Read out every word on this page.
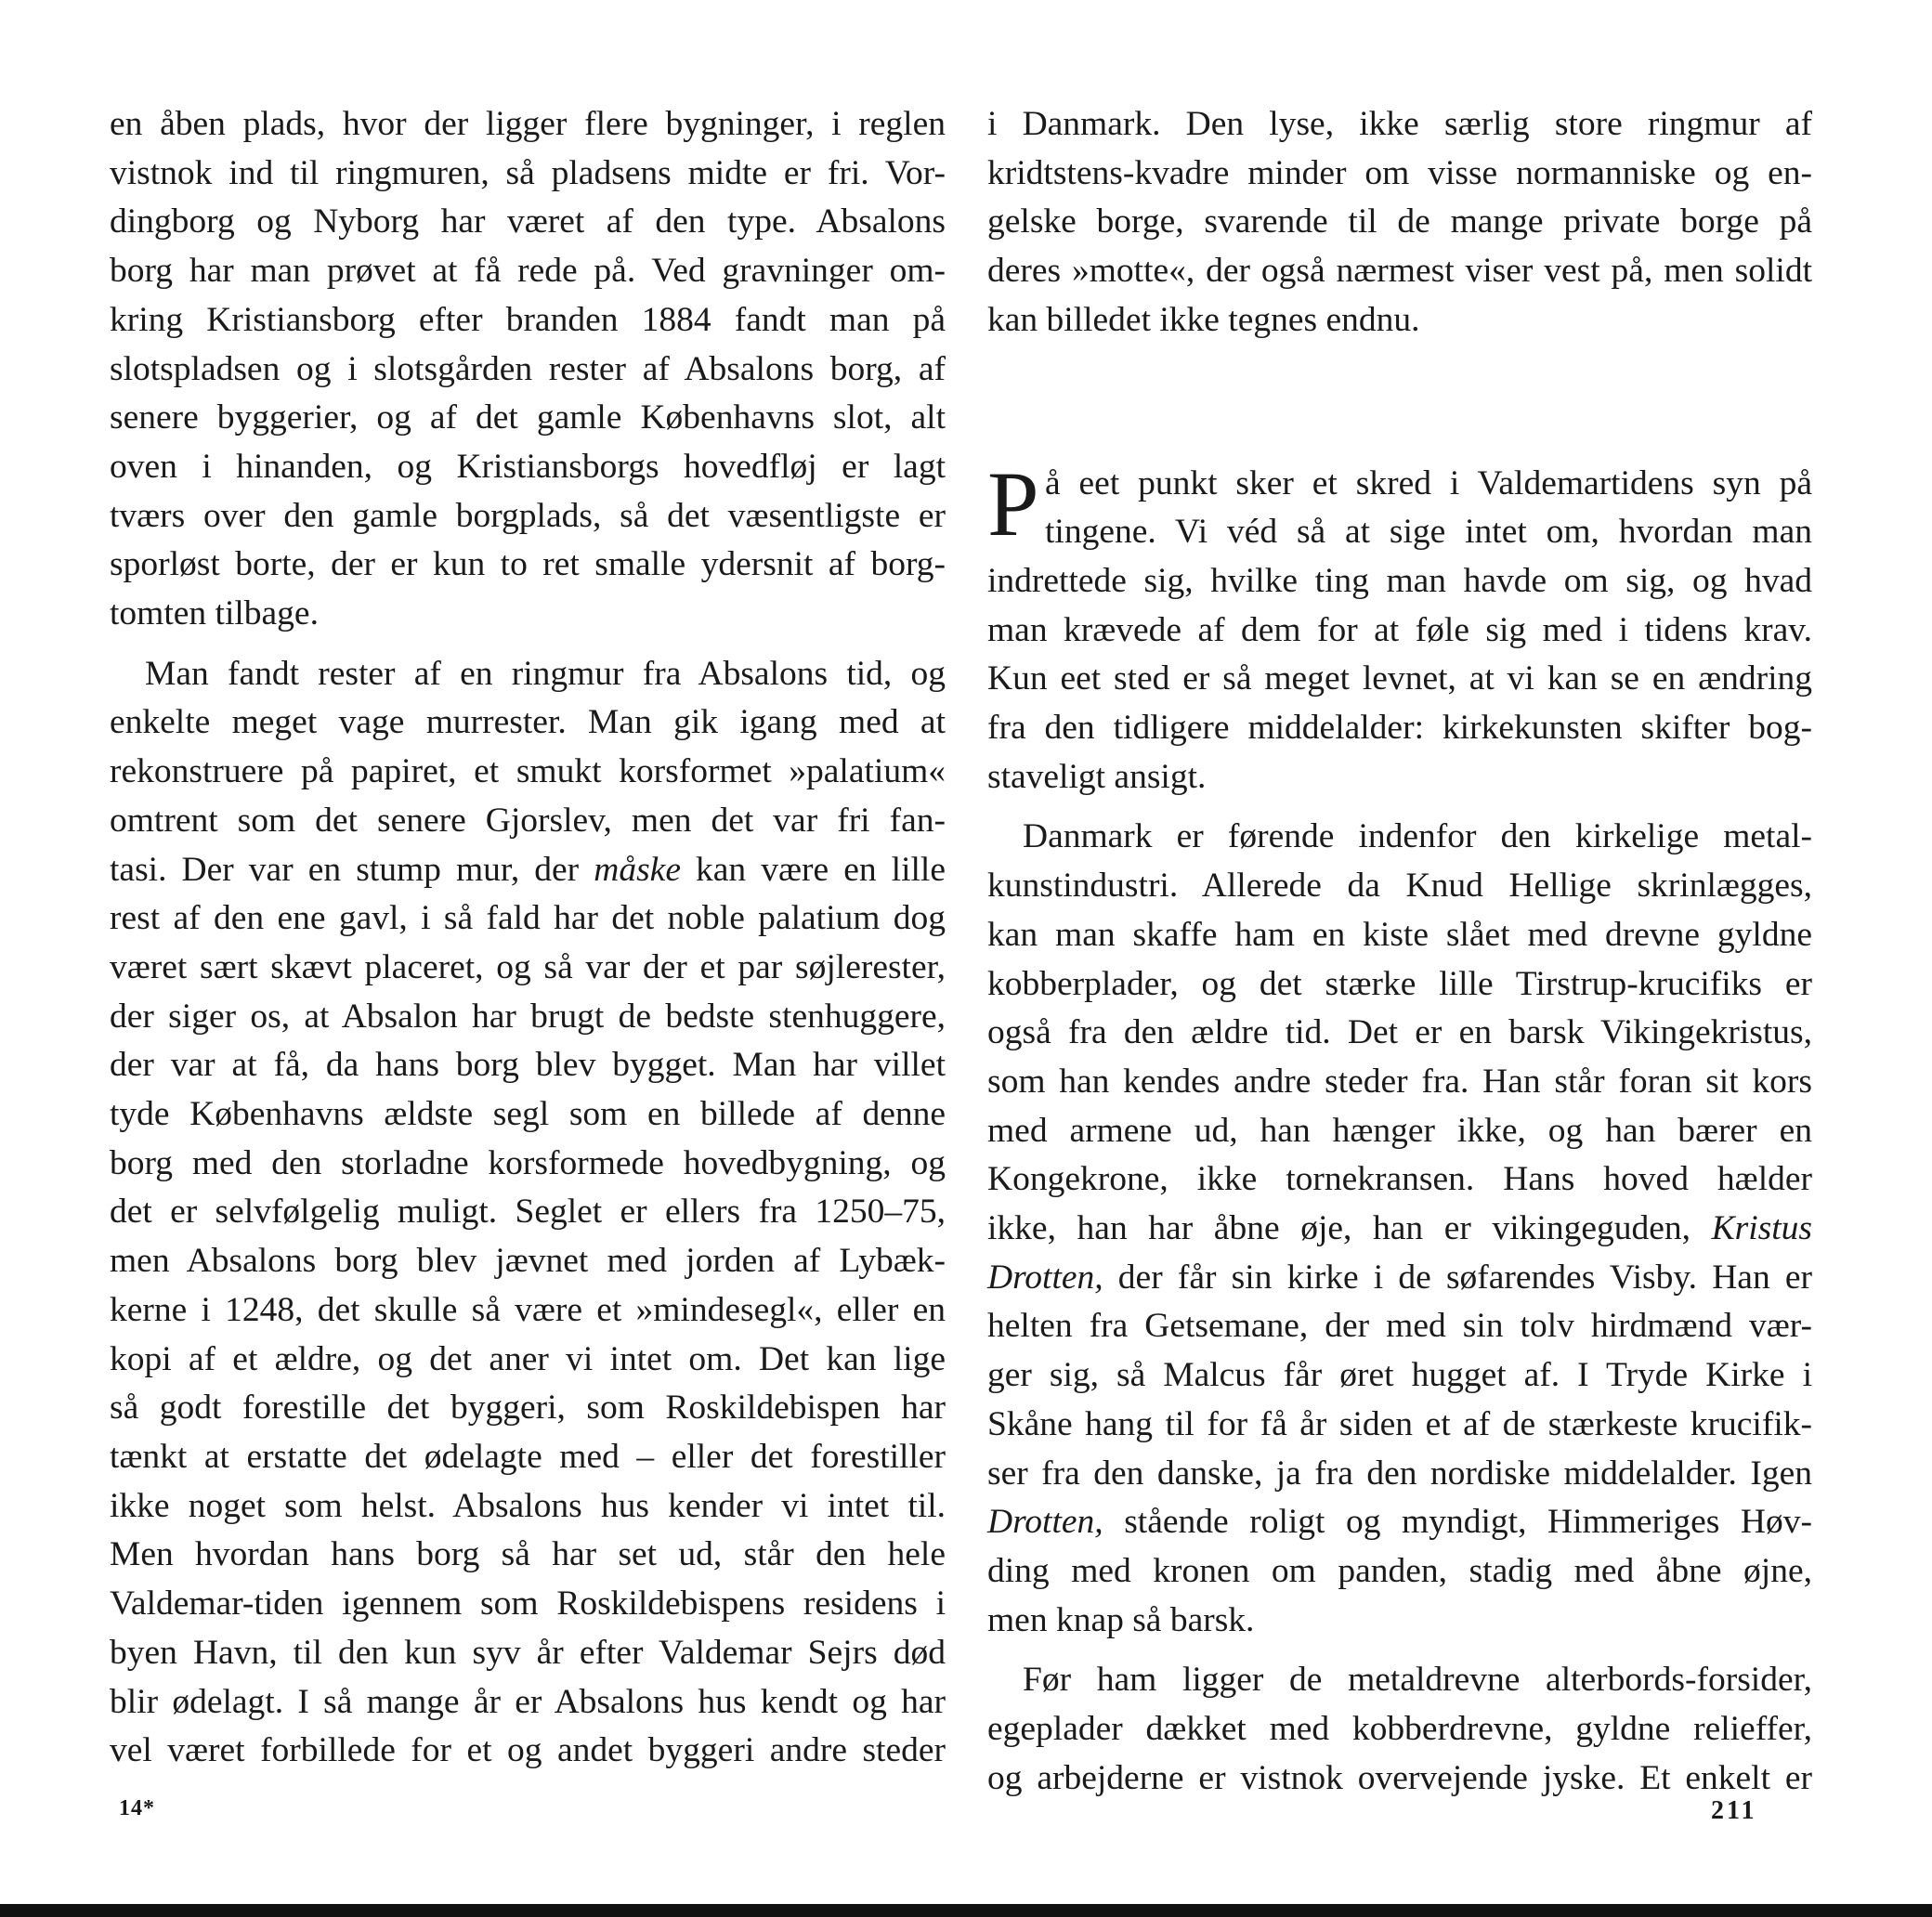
en åben plads, hvor der ligger flere bygninger, i reglen
vistnok ind til ringmuren, så pladsens midte er fri. Vor-
dingborg og Nyborg har været af den type. Absalons
borg har man prøvet at få rede på. Ved gravninger om-
kring Kristiansborg efter branden 1884 fandt man på
slotspladsen og i slotsgården rester af Absalons borg, af
senere byggerier, og af det gamle Københavns slot, alt
oven i hinanden, og Kristiansborgs hovedfløj er lagt
tværs over den gamle borgplads, så det væsentligste er
sporløst borte, der er kun to ret smalle ydersnit af borg-
tomten tilbage.
Man fandt rester af en ringmur fra Absalons tid, og
enkelte meget vage murrester. Man gik igang med at
rekonstruere på papiret, et smukt korsformet »palatium«
omtrent som det senere Gjorslev, men det var fri fan-
tasi. Der var en stump mur, der måske kan være en lille
rest af den ene gavl, i så fald har det noble palatium dog
været sært skævt placeret, og så var der et par søjlerester,
der siger os, at Absalon har brugt de bedste stenhuggere,
der var at få, da hans borg blev bygget. Man har villet
tyde Københavns ældste segl som en billede af denne
borg med den storladne korsformede hovedbygning, og
det er selvfølgelig muligt. Seglet er ellers fra 1250–75,
men Absalons borg blev jævnet med jorden af Lybæk-
kerne i 1248, det skulle så være et »mindesegl«, eller en
kopi af et ældre, og det aner vi intet om. Det kan lige
så godt forestille det byggeri, som Roskildebispen har
tænkt at erstatte det ødelagte med – eller det forestiller
ikke noget som helst. Absalons hus kender vi intet til.
Men hvordan hans borg så har set ud, står den hele
Valdemar-tiden igennem som Roskildebispens residens i
byen Havn, til den kun syv år efter Valdemar Sejrs død
blir ødelagt. I så mange år er Absalons hus kendt og har
vel været forbillede for et og andet byggeri andre steder
i Danmark. Den lyse, ikke særlig store ringmur af
kridtstens-kvadre minder om visse normanniske og en-
gelske borge, svarende til de mange private borge på
deres »motte«, der også nærmest viser vest på, men solidt
kan billedet ikke tegnes endnu.
P å eet punkt sker et skred i Valdemartidens syn på
tingene. Vi véd så at sige intet om, hvordan man
indrettede sig, hvilke ting man havde om sig, og hvad
man krævede af dem for at føle sig med i tidens krav.
Kun eet sted er så meget levnet, at vi kan se en ændring
fra den tidligere middelalder: kirkekunsten skifter bog-
staveligt ansigt.
Danmark er førende indenfor den kirkelige metal-
kunstindustri. Allerede da Knud Hellige skrinlægges,
kan man skaffe ham en kiste slået med drevne gyldne
kobberplader, og det stærke lille Tirstrup-krucifiks er
også fra den ældre tid. Det er en barsk Vikingekristus,
som han kendes andre steder fra. Han står foran sit kors
med armene ud, han hænger ikke, og han bærer en
Kongekrone, ikke tornekransen. Hans hoved hælder
ikke, han har åbne øje, han er vikingeguden, Kristus
Drotten, der får sin kirke i de søfarendes Visby. Han er
helten fra Getsemane, der med sin tolv hirdmænd vær-
ger sig, så Malcus får øret hugget af. I Tryde Kirke i
Skåne hang til for få år siden et af de stærkeste krucifik-
ser fra den danske, ja fra den nordiske middelalder. Igen
Drotten, stående roligt og myndigt, Himmeriges Høv-
ding med kronen om panden, stadig med åbne øjne,
men knap så barsk.
Før ham ligger de metaldrevne alterbords-forsider,
egeplader dækket med kobberdrevne, gyldne relieffer,
og arbejderne er vistnok overvejende jyske. Et enkelt er
14*	211
